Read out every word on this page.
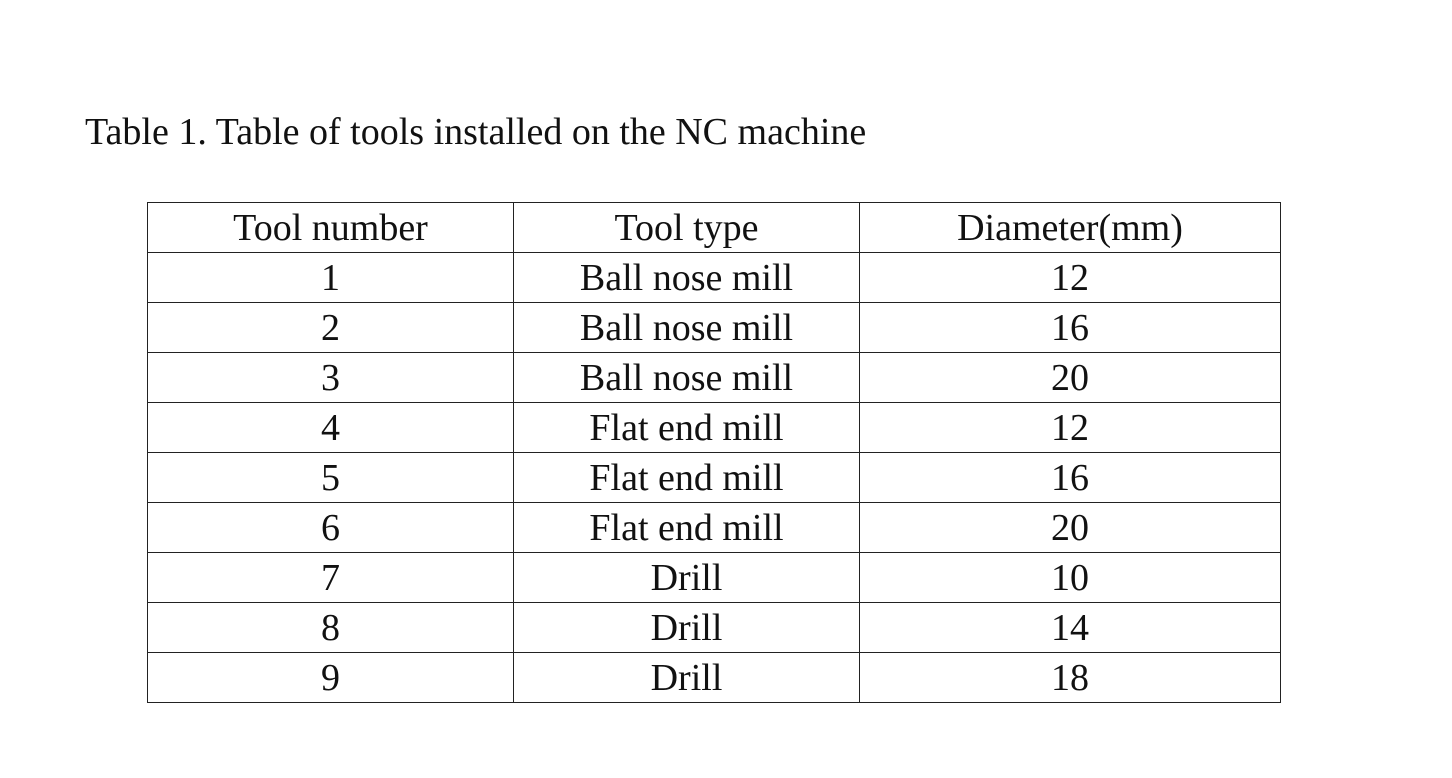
Table 1. Table of tools installed on the NC machine

Tool number	Tool type	Diameter(mm)
1	Ball nose mill	12
2	Ball nose mill	16
3	Ball nose mill	20
4	Flat end mill	12
5	Flat end mill	16
6	Flat end mill	20
7	Drill	10
8	Drill	14
9	Drill	18
